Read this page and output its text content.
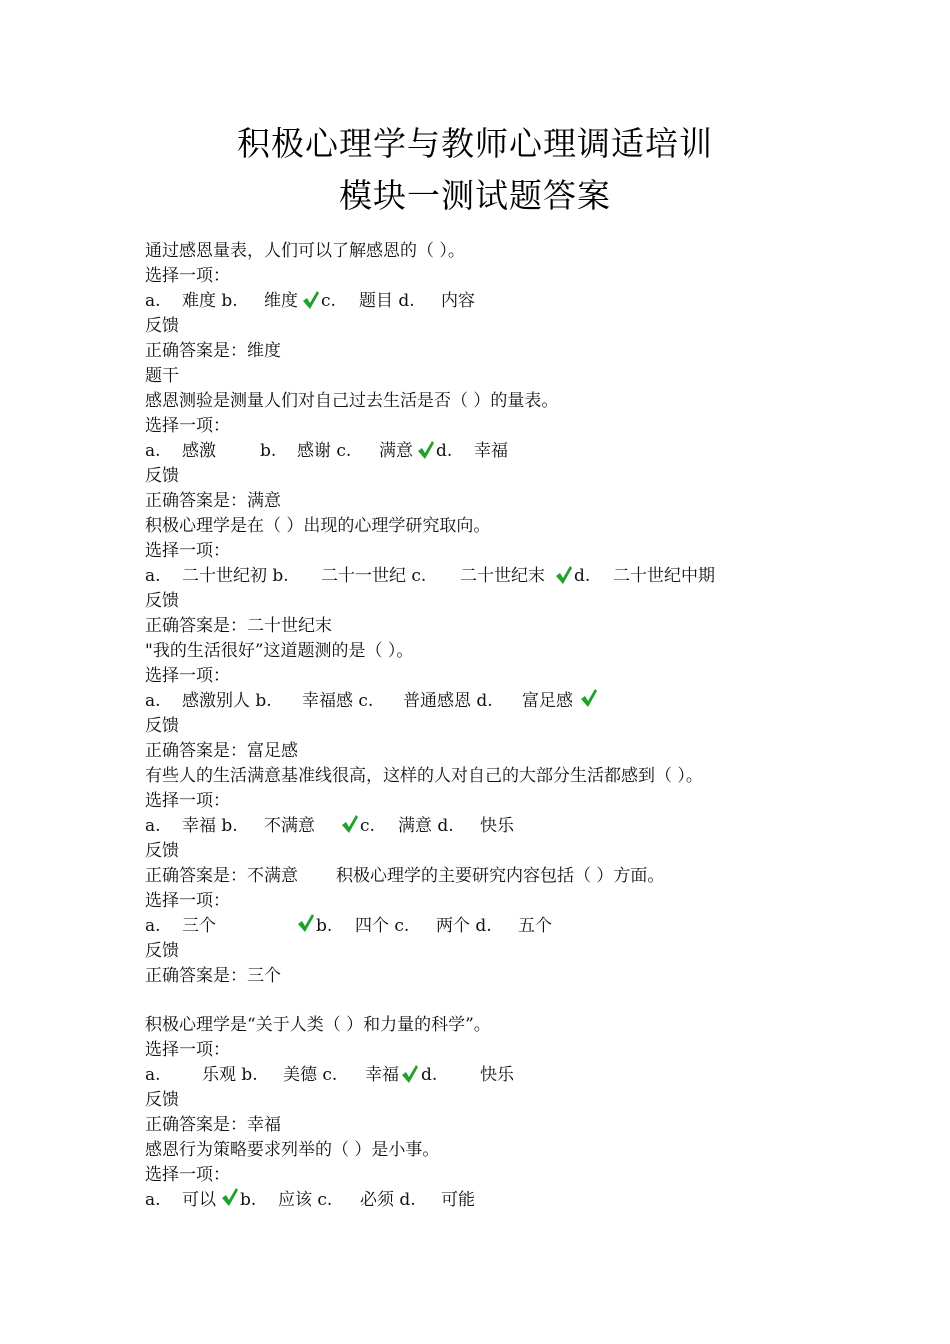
积极心理学与教师心理调适培训
模块一测试题答案
通过感恩量表，人们可以了解感恩的（ ）。
选择一项：
a. 难度 b. 维度 c. 题目 d. 内容
反馈
正确答案是：维度
题干
感恩测验是测量人们对自己过去生活是否（ ）的量表。
选择一项：
a. 感激	b. 感谢 c. 满意 d. 幸福
反馈
正确答案是：满意
积极心理学是在（ ）出现的心理学研究取向。
选择一项：
a. 二十世纪初 b. 二十一世纪 c. 二十世纪末 d. 二十世纪中期
反馈
正确答案是：二十世纪末
"我的生活很好”这道题测的是（ ）。
选择一项：
a. 感激别人 b. 幸福感 c. 普通感恩 d. 富足感
反馈
正确答案是：富足感
有些人的生活满意基准线很高，这样的人对自己的大部分生活都感到（ ）。
选择一项：
a. 幸福 b. 不满意	c. 满意 d. 快乐
反馈
正确答案是：不满意 积极心理学的主要研究内容包括（ ）方面。
选择一项：
a. 三个	b. 四个 c. 两个 d. 五个
反馈
正确答案是：三个
积极心理学是“关于人类（ ）和力量的科学”。
选择一项：
a. 乐观 b. 美德 c. 幸福 d.	快乐
反馈
正确答案是：幸福
感恩行为策略要求列举的（ ）是小事。
选择一项：
a. 可以 b. 应该 c. 必须 d. 可能
